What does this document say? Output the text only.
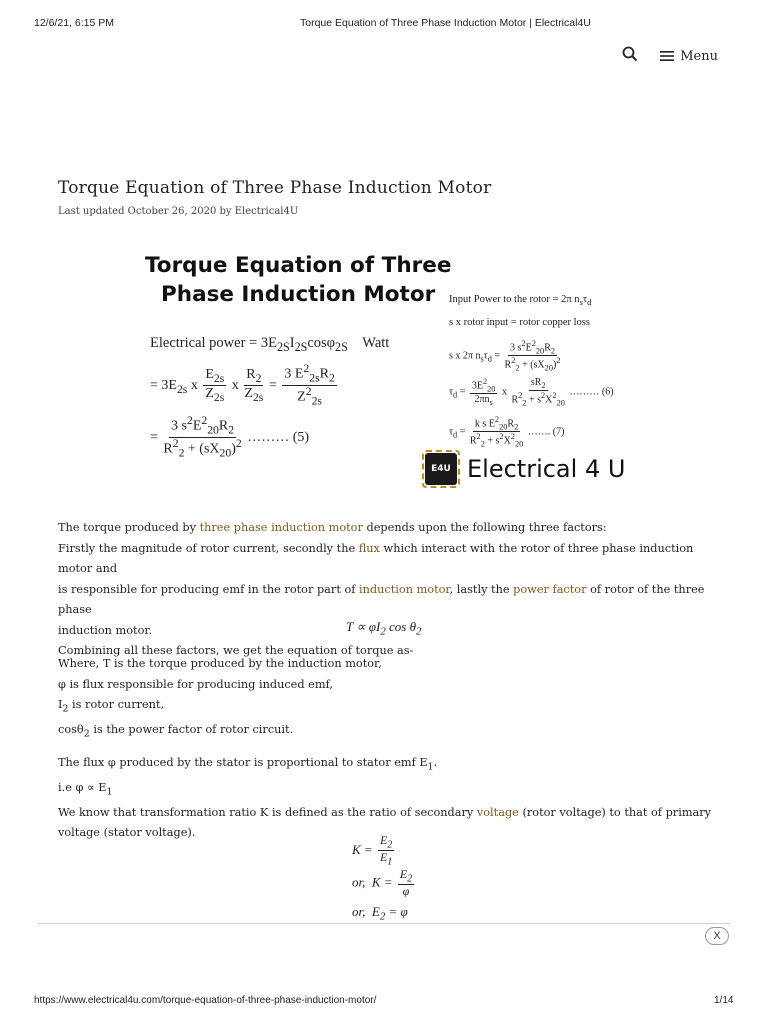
12/6/21, 6:15 PM	Torque Equation of Three Phase Induction Motor | Electrical4U
Menu
Torque Equation of Three Phase Induction Motor
Last updated October 26, 2020 by Electrical4U
Torque Equation of Three
Phase Induction Motor
Electrical power = $3E_{2S}I_{2S}\cos\varphi_{2S}$ Watt
= $3E_{2s}$ x $\frac{E_{2s}}{Z_{2s}}$ x $\frac{R_2}{Z_{2s}} = \frac{3 E^2_{2s}R_2}{Z^2_{2s}}$
= $\frac{3 s^2E^2_{20}R_2}{R^2_2 + (sX_{20})^2}$ ……… (5)
Input Power to the rotor = 2π $n_s\tau_d$
s x rotor input = rotor copper loss
s x 2π $n_s\tau_d = \frac{3 s^2E^2_{20}R_2}{R^2_2 + (sX_{20})^2}$
$\tau_d = \frac{3E^2_{20}}{2\pi n_s}$ x $\frac{sR_2}{R^2_2 + s^2X^2_{20}}$ ……… (6)
$\tau_d = \frac{k s E^2_{20}R_2}{R^2_2 + s^2X^2_{20}}$ ……. (7)
E4U Electrical 4 U
The torque produced by three phase induction motor depends upon the following three factors:
Firstly the magnitude of rotor current, secondly the flux which interact with the rotor of three phase induction motor and
is responsible for producing emf in the rotor part of induction motor, lastly the power factor of rotor of the three phase
induction motor.
Combining all these factors, we get the equation of torque as-
$T \propto \varphi I_2$ $\cos \theta_2$
Where, T is the torque produced by the induction motor,
φ is flux responsible for producing induced emf,
$I_2$ is rotor current,
cosθ$_2$ is the power factor of rotor circuit.
The flux φ produced by the stator is proportional to stator emf $E_1$.
i.e $\varphi \propto E_1$
We know that transformation ratio K is defined as the ratio of secondary voltage (rotor voltage) to that of primary
voltage (stator voltage).
$K = \frac{E_2}{E_1}$
or,  $K = \frac{E_2}{\varphi}$
or,  $E_2 = \varphi$
X
https://www.electrical4u.com/torque-equation-of-three-phase-induction-motor/	1/14
